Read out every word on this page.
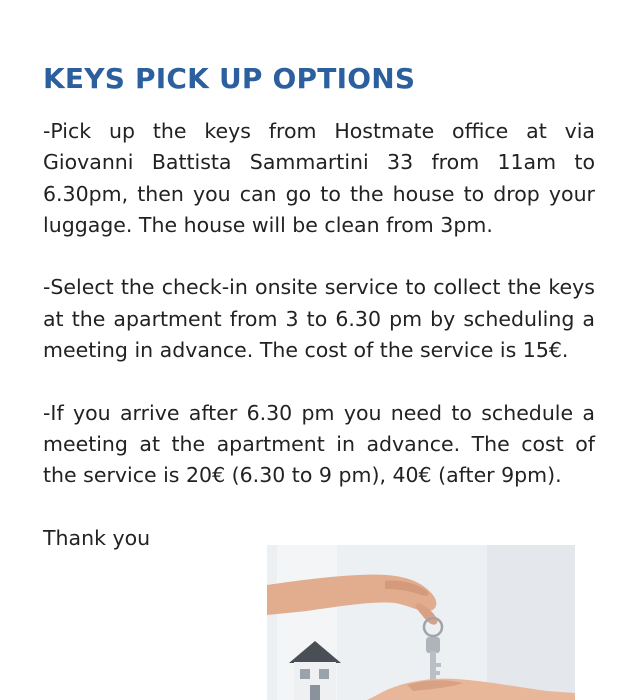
KEYS PICK UP OPTIONS

-Pick up the keys from Hostmate office at via Giovanni Battista Sammartini 33 from 11am to 6.30pm, then you can go to the house to drop your luggage. The house will be clean from 3pm.

-Select the check-in onsite service to collect the keys at the apartment from 3 to 6.30 pm by scheduling a meeting in advance. The cost of the service is 15€.

-If you arrive after 6.30 pm you need to schedule a meeting at the apartment in advance. The cost of the service is 20€ (6.30 to 9 pm), 40€ (after 9pm).

Thank you
